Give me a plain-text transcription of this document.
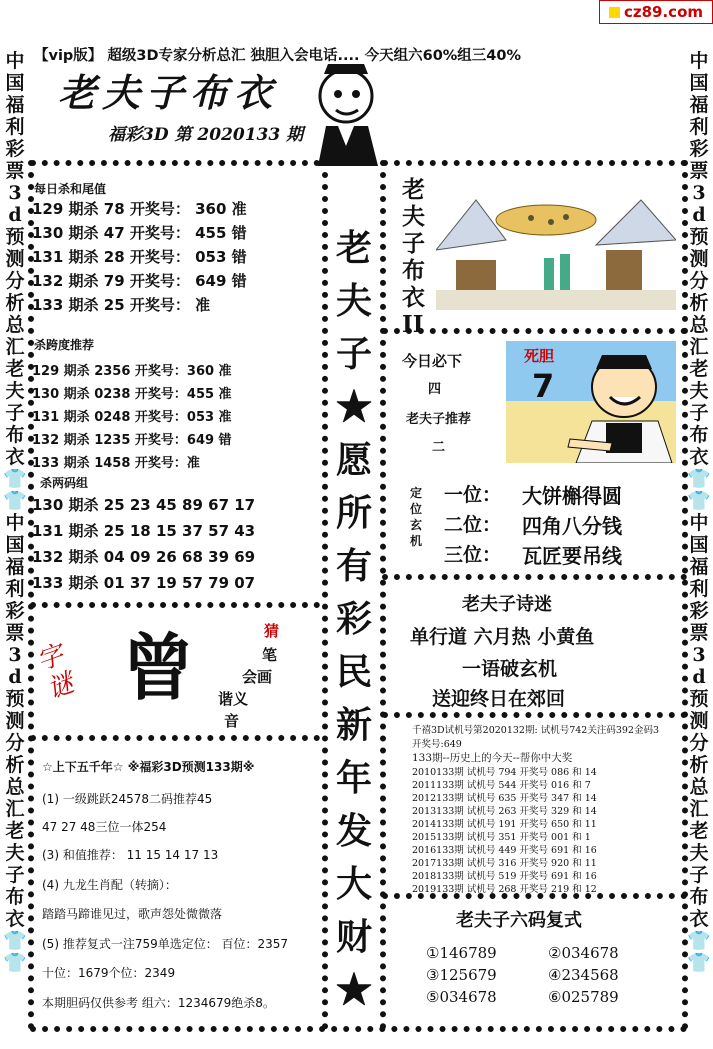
cz89.com
【vip版】 超级3D专家分析总汇 独胆入会电话.... 今天组六60%组三40%
老夫子布衣
福彩3D 第 2020133 期
中国福利彩票3d预测分析总汇老夫子布衣👕👕中国福利彩票3d预测分析总汇老夫子布衣👕👕
中国福利彩票3d预测分析总汇老夫子布衣👕👕中国福利彩票3d预测分析总汇老夫子布衣👕👕
每日杀和尾值
129 期杀 78 开奖号： 360 准
130 期杀 47 开奖号： 455 错
131 期杀 28 开奖号： 053 错
132 期杀 79 开奖号： 649 错
133 期杀 25 开奖号： 准
杀跨度推荐
129 期杀 2356 开奖号：360 准
130 期杀 0238 开奖号：455 准
131 期杀 0248 开奖号：053 准
132 期杀 1235 开奖号：649 错
133 期杀 1458 开奖号：准
杀两码组
130 期杀 25 23 45 89 67 17
131 期杀 25 18 15 37 57 43
132 期杀 04 09 26 68 39 69
133 期杀 01 37 19 57 79 07
字谜 曾	猜
笔
会画
谐义
音
老夫子★愿所有彩民新年发大财★
老夫子布衣II
今日必下
四
老夫子推荐
二
死胆
7
定位玄机
一位： 大饼槲得圆
二位： 四角八分钱
三位： 瓦匠要吊线
老夫子诗迷
单行道 六月热 小黄鱼
一语破玄机
送迎终日在郊回
☆上下五千年☆ ※福彩3D预测133期※
(1) 一级跳跃24578二码推荐45
47 27 48三位一体254
(3) 和值推荐： 11 15 14 17 13
(4) 九龙生肖配（转摘）：
踏踏马蹄谁见过，歌声怨处微微落
(5) 推荐复式一注759单选定位： 百位：2357
十位：1679个位：2349
本期胆码仅供参考 组六：1234679绝杀8。
千禧3D试机号第2020132期: 试机号742关注码392金码3
开奖号:649
133期--历史上的今天--帮你中大奖
2010133期 试机号 794 开奖号 086 和 14
2011133期 试机号 544 开奖号 016 和 7
2012133期 试机号 635 开奖号 347 和 14
2013133期 试机号 263 开奖号 329 和 14
2014133期 试机号 191 开奖号 650 和 11
2015133期 试机号 351 开奖号 001 和 1
2016133期 试机号 449 开奖号 691 和 16
2017133期 试机号 316 开奖号 920 和 11
2018133期 试机号 519 开奖号 691 和 16
2019133期 试机号 268 开奖号 219 和 12
老夫子六码复式
①146789	②034678
③125679	④234568
⑤034678	⑥025789
